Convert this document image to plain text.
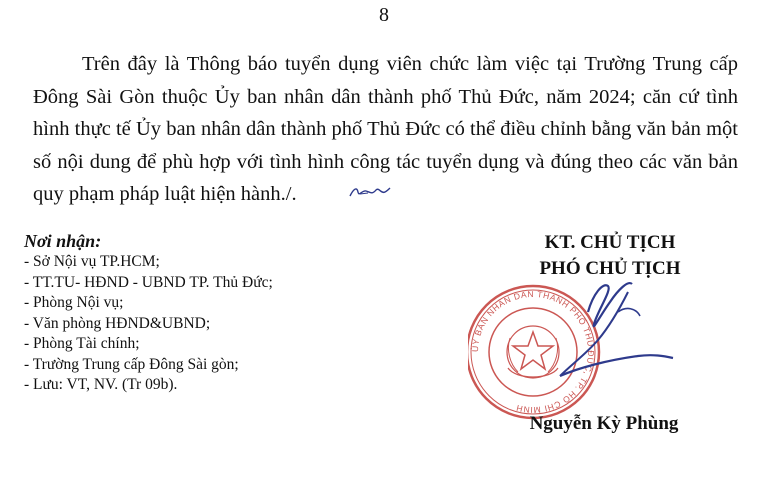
8

Trên đây là Thông báo tuyển dụng viên chức làm việc tại Trường Trung cấp Đông Sài Gòn thuộc Ủy ban nhân dân thành phố Thủ Đức, năm 2024; căn cứ tình hình thực tế Ủy ban nhân dân thành phố Thủ Đức có thể điều chỉnh bằng văn bản một số nội dung để phù hợp với tình hình công tác tuyển dụng và đúng theo các văn bản quy phạm pháp luật hiện hành./.

Nơi nhận:
- Sở Nội vụ TP.HCM;
- TT.TU- HĐND - UBND TP. Thủ Đức;
- Phòng Nội vụ;
- Văn phòng HĐND&UBND;
- Phòng Tài chính;
- Trường Trung cấp Đông Sài gòn;
- Lưu: VT, NV. (Tr 09b).
KT. CHỦ TỊCH
PHÓ CHỦ TỊCH
ỦY BAN NHÂN DÂN THÀNH PHỐ THỦ ĐỨC, TP. HỒ CHÍ MINH
Nguyễn Kỳ Phùng
